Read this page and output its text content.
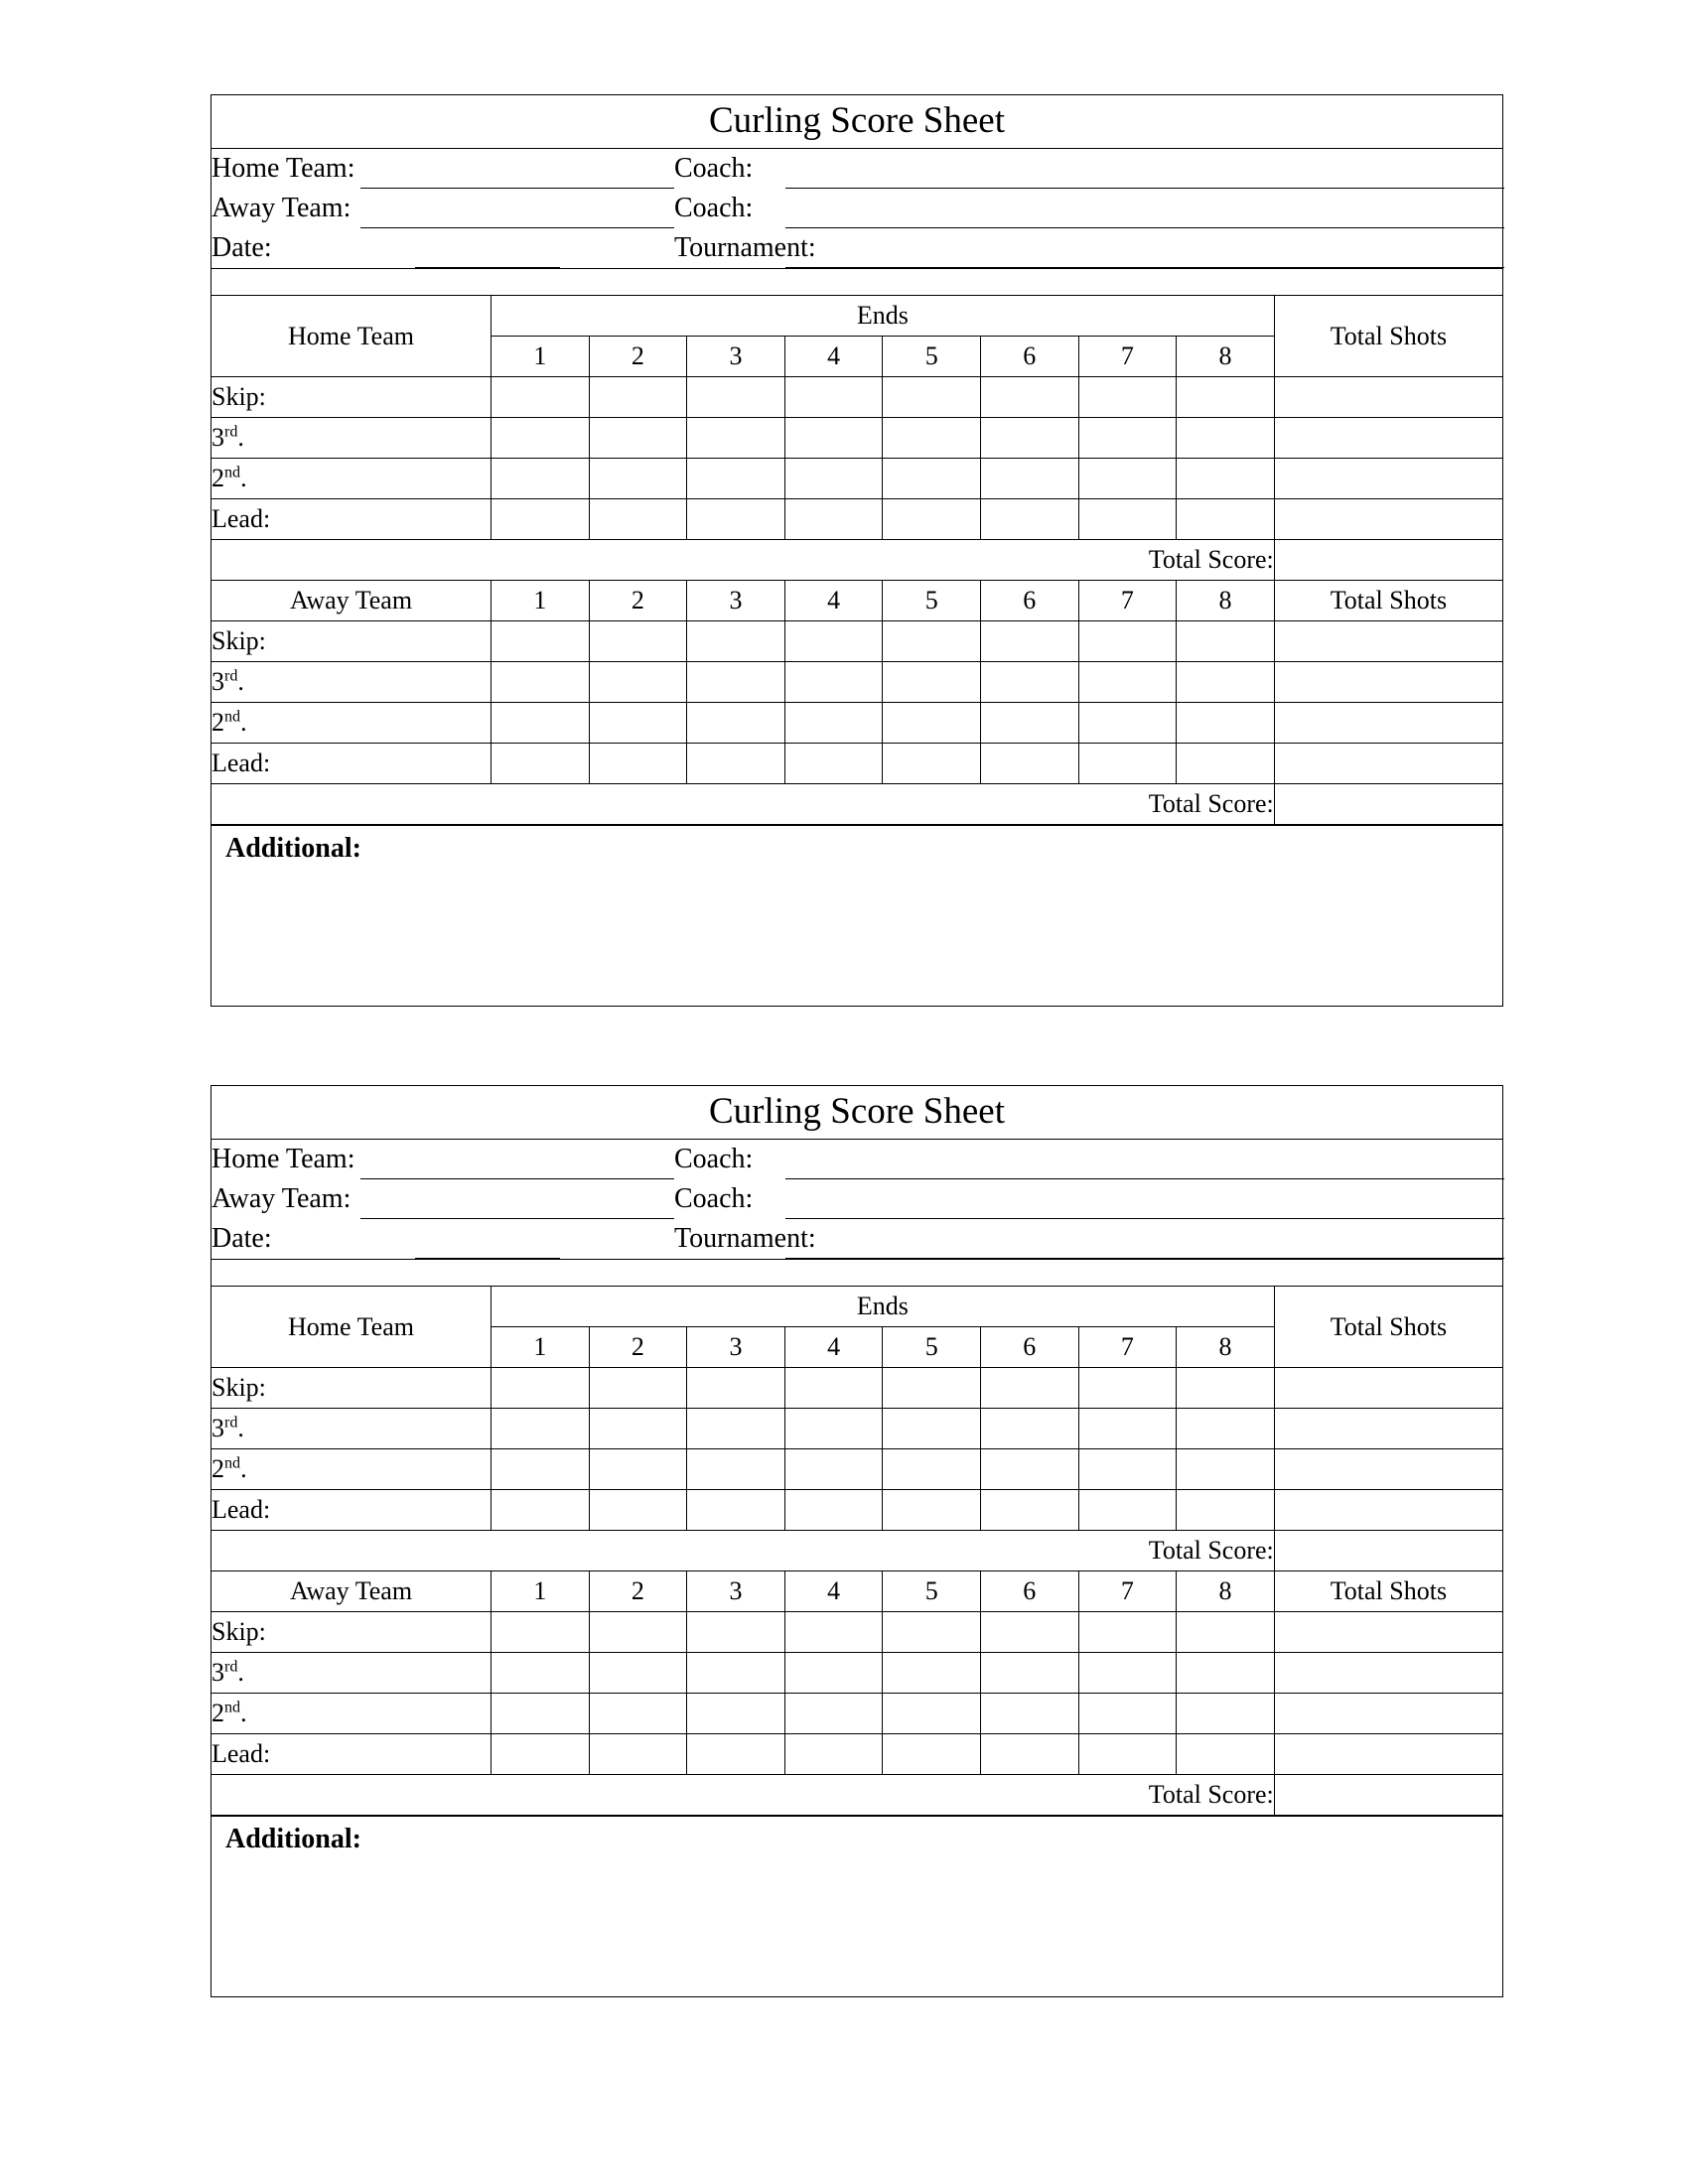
Curling Score Sheet
Home Team:		Coach:	

Away Team:		Coach:	

Date:		Tournament:	
Home Team	Ends								Total Shots
	1	2	3	4	5	6	7	8	
Skip:									
3rd.									
2nd.									
Lead:									
Total Score:									
Away Team	1	2	3	4	5	6	7	8	Total Shots
Skip:									
3rd.									
2nd.									
Lead:									
Total Score:									
Additional:
Curling Score Sheet
Home Team:		Coach:	

Away Team:		Coach:	

Date:		Tournament:	
Home Team	Ends								Total Shots
	1	2	3	4	5	6	7	8	
Skip:									
3rd.									
2nd.									
Lead:									
Total Score:									
Away Team	1	2	3	4	5	6	7	8	Total Shots
Skip:									
3rd.									
2nd.									
Lead:									
Total Score:									
Additional:
